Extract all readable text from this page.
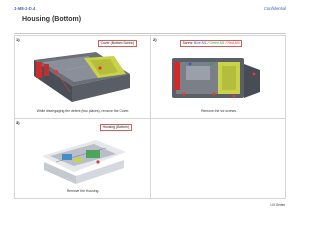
1-M5-1-D.4	Confidential
Housing (Bottom)
1)
Cover (Bottom Screw)
While disengaging the detent (two places), remove the Cover.
2)
Screw: Blue-M1 / Green-M1 / Red-M4
Remove the six screws.
3)
Housing (Bottom)
Remove the Housing.
LiX Series
